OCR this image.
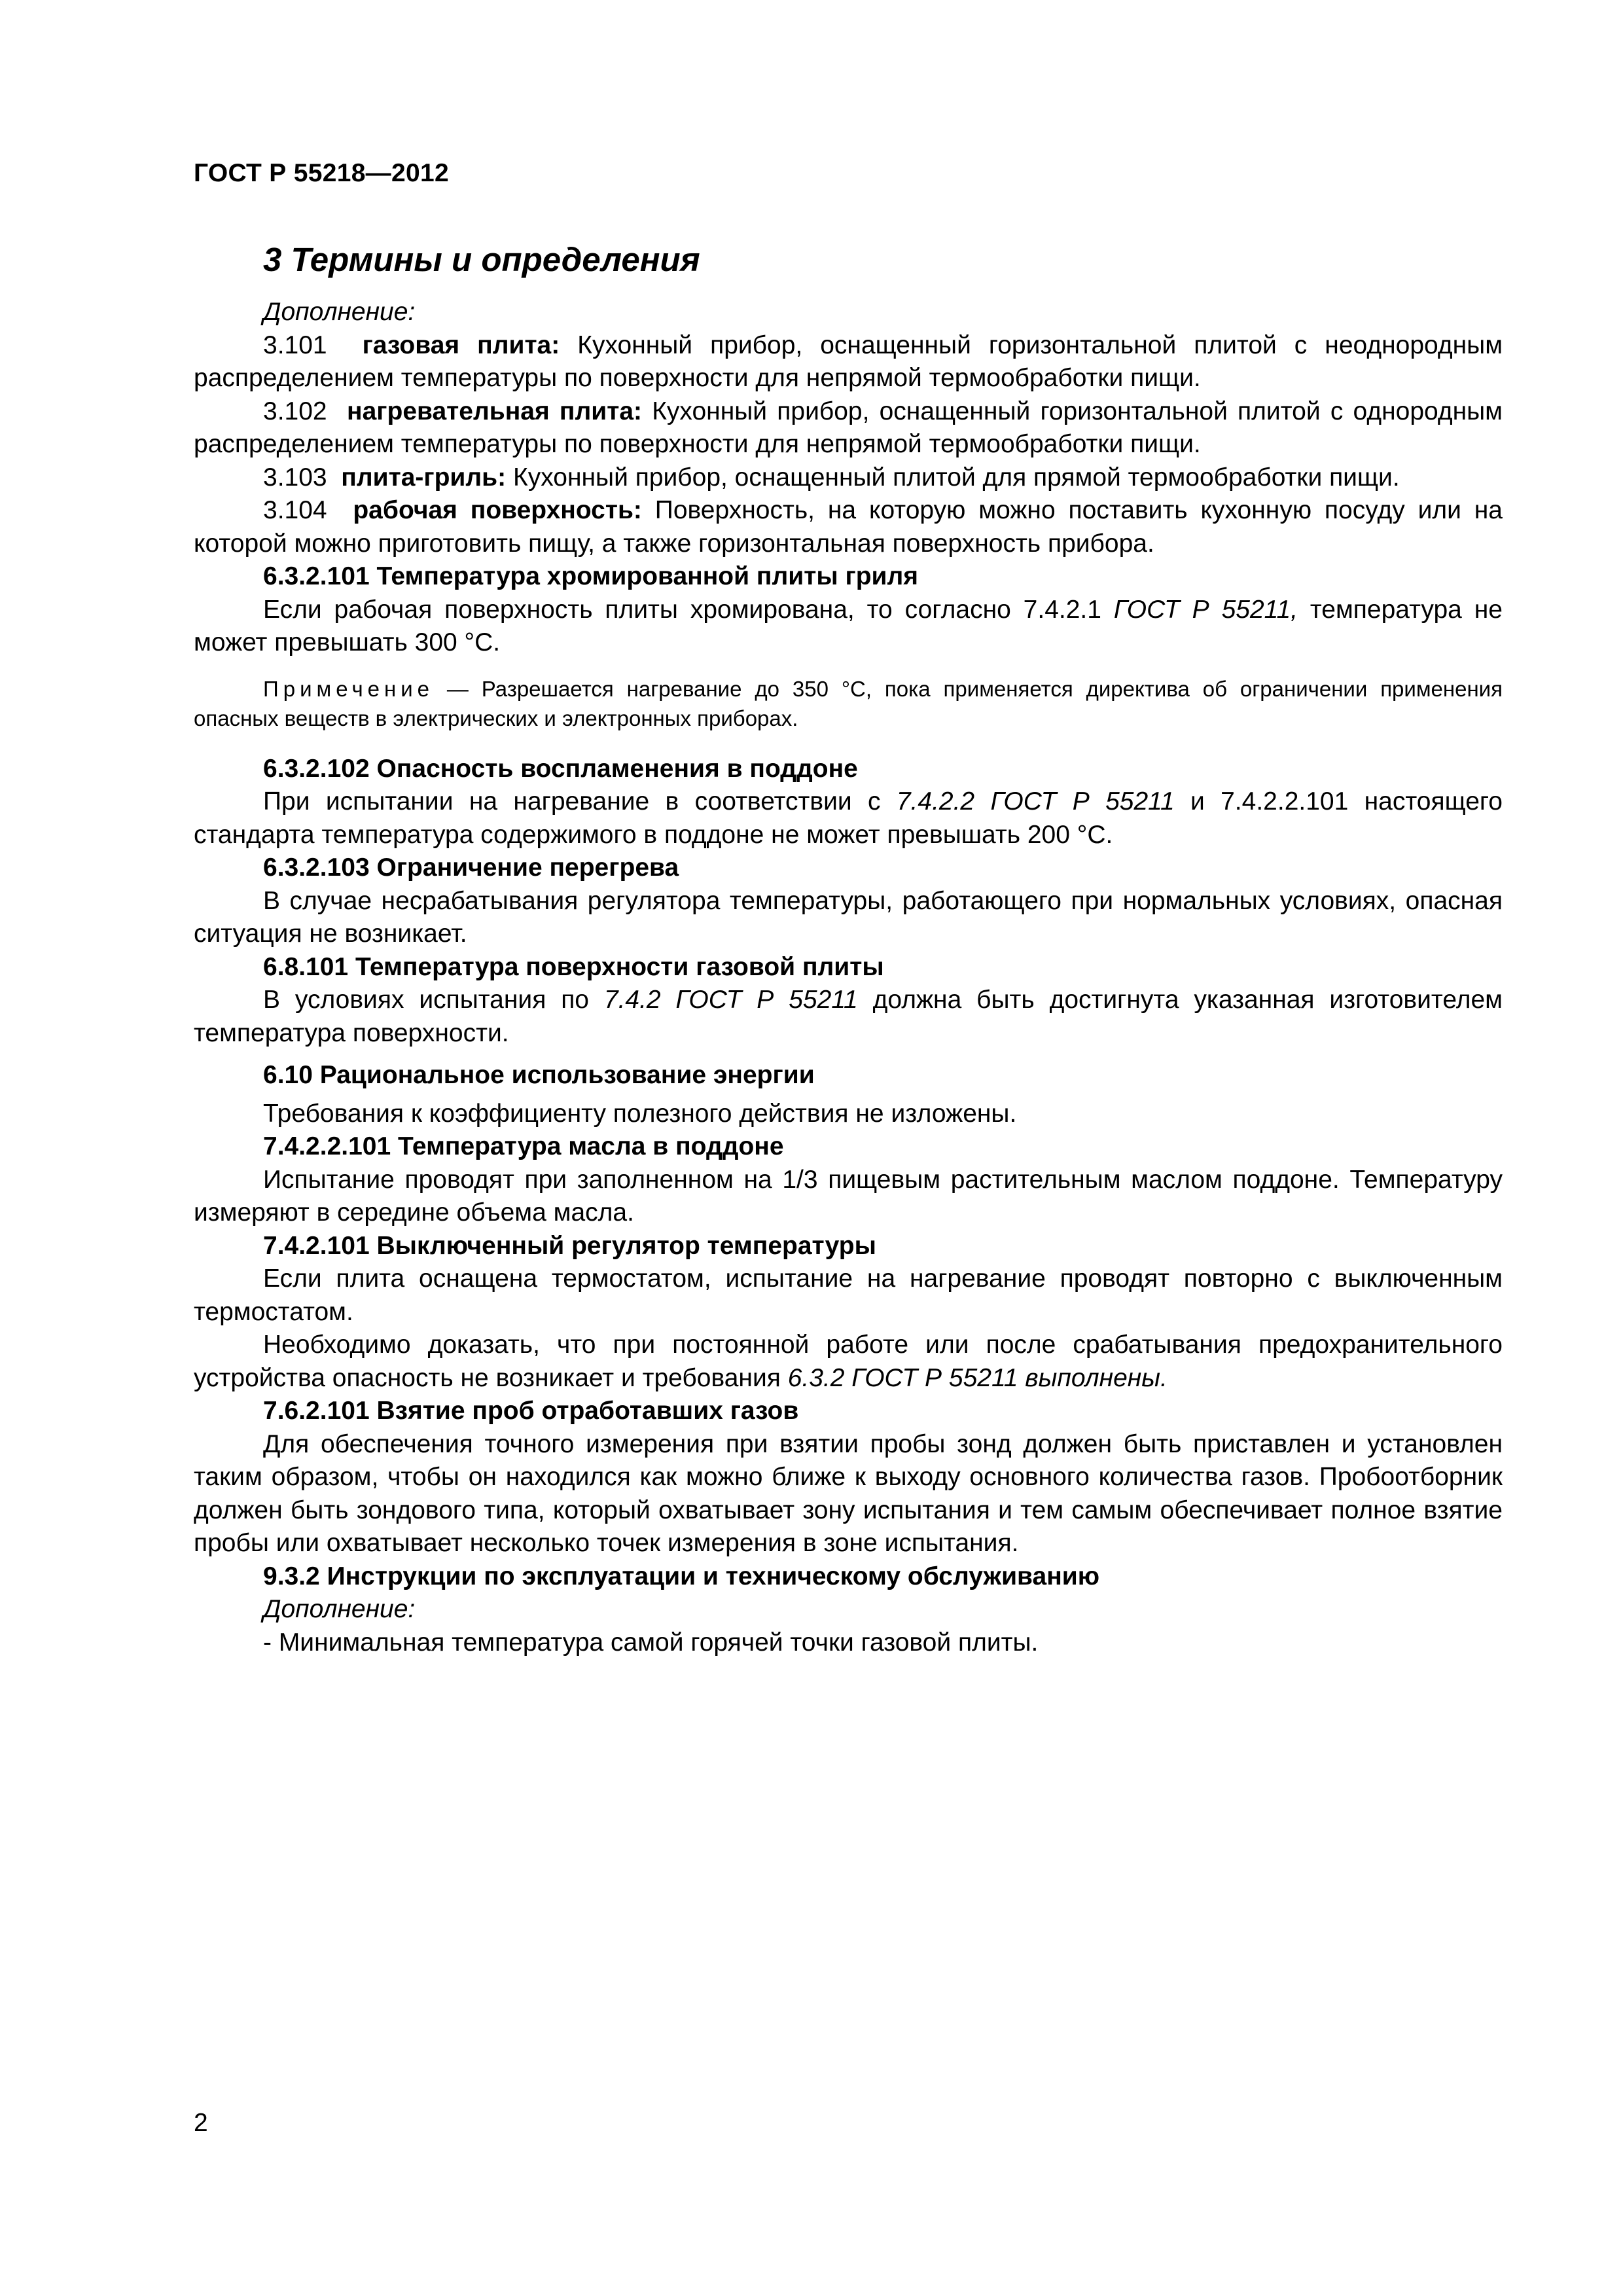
ГОСТ Р 55218—2012
3 Термины и определения

Дополнение:

3.101 газовая плита: Кухонный прибор, оснащенный горизонтальной плитой с неоднородным распределением температуры по поверхности для непрямой термообработки пищи.

3.102 нагревательная плита: Кухонный прибор, оснащенный горизонтальной плитой с однородным распределением температуры по поверхности для непрямой термообработки пищи.

3.103 плита-гриль: Кухонный прибор, оснащенный плитой для прямой термообработки пищи.

3.104 рабочая поверхность: Поверхность, на которую можно поставить кухонную посуду или на которой можно приготовить пищу, а также горизонтальная поверхность прибора.

6.3.2.101 Температура хромированной плиты гриля

Если рабочая поверхность плиты хромирована, то согласно 7.4.2.1 ГОСТ Р 55211, температура не может превышать 300 °С.

Примечение — Разрешается нагревание до 350 °С, пока применяется директива об ограничении применения опасных веществ в электрических и электронных приборах.

6.3.2.102 Опасность воспламенения в поддоне

При испытании на нагревание в соответствии с 7.4.2.2 ГОСТ Р 55211 и 7.4.2.2.101 настоящего стандарта температура содержимого в поддоне не может превышать 200 °С.

6.3.2.103 Ограничение перегрева

В случае несрабатывания регулятора температуры, работающего при нормальных условиях, опасная ситуация не возникает.

6.8.101 Температура поверхности газовой плиты

В условиях испытания по 7.4.2 ГОСТ Р 55211 должна быть достигнута указанная изготовителем температура поверхности.

6.10 Рациональное использование энергии

Требования к коэффициенту полезного действия не изложены.

7.4.2.2.101 Температура масла в поддоне

Испытание проводят при заполненном на 1/3 пищевым растительным маслом поддоне. Температуру измеряют в середине объема масла.

7.4.2.101 Выключенный регулятор температуры

Если плита оснащена термостатом, испытание на нагревание проводят повторно с выключенным термостатом.

Необходимо доказать, что при постоянной работе или после срабатывания предохранительного устройства опасность не возникает и требования 6.3.2 ГОСТ Р 55211 выполнены.

7.6.2.101 Взятие проб отработавших газов

Для обеспечения точного измерения при взятии пробы зонд должен быть приставлен и установлен таким образом, чтобы он находился как можно ближе к выходу основного количества газов. Пробоотборник должен быть зондового типа, который охватывает зону испытания и тем самым обеспечивает полное взятие пробы или охватывает несколько точек измерения в зоне испытания.

9.3.2 Инструкции по эксплуатации и техническому обслуживанию

Дополнение:

- Минимальная температура самой горячей точки газовой плиты.

2
